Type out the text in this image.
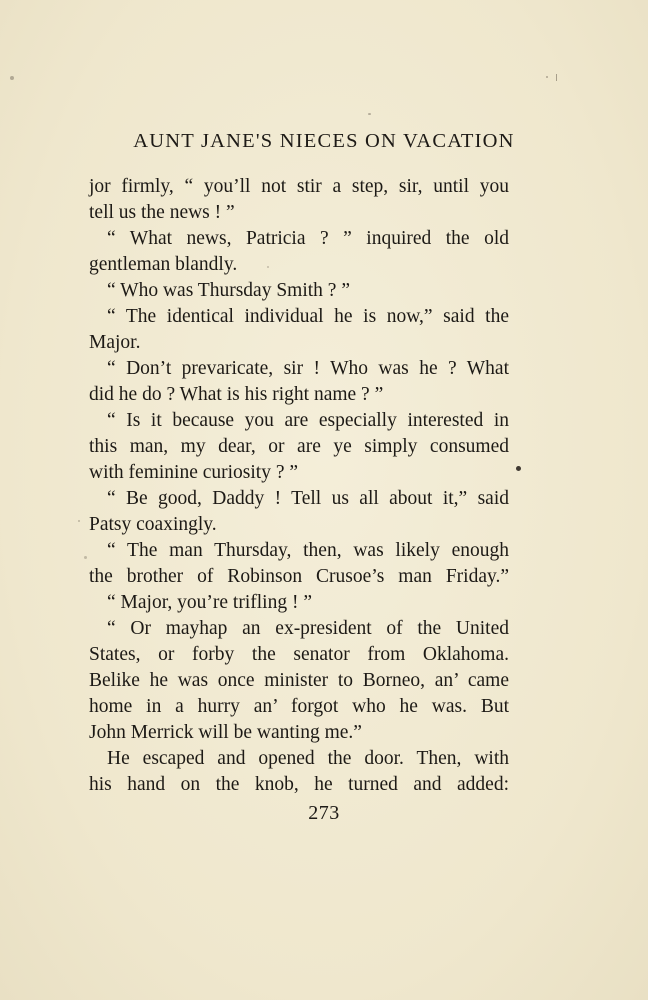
AUNT JANE'S NIECES ON VACATION
jor firmly, “ you’ll not stir a step, sir, until you
tell us the news ! ”
“ What news, Patricia ? ” inquired the old
gentleman blandly.
“ Who was Thursday Smith ? ”
“ The identical individual he is now,” said the
Major.
“ Don’t prevaricate, sir ! Who was he ? What
did he do ? What is his right name ? ”
“ Is it because you are especially interested in
this man, my dear, or are ye simply consumed
with feminine curiosity ? ”
“ Be good, Daddy ! Tell us all about it,” said
Patsy coaxingly.
“ The man Thursday, then, was likely enough
the brother of Robinson Crusoe’s man Friday.”
“ Major, you’re trifling ! ”
“ Or mayhap an ex-president of the United
States, or forby the senator from Oklahoma.
Belike he was once minister to Borneo, an’ came
home in a hurry an’ forgot who he was. But
John Merrick will be wanting me.”
He escaped and opened the door. Then, with
his hand on the knob, he turned and added:
273
